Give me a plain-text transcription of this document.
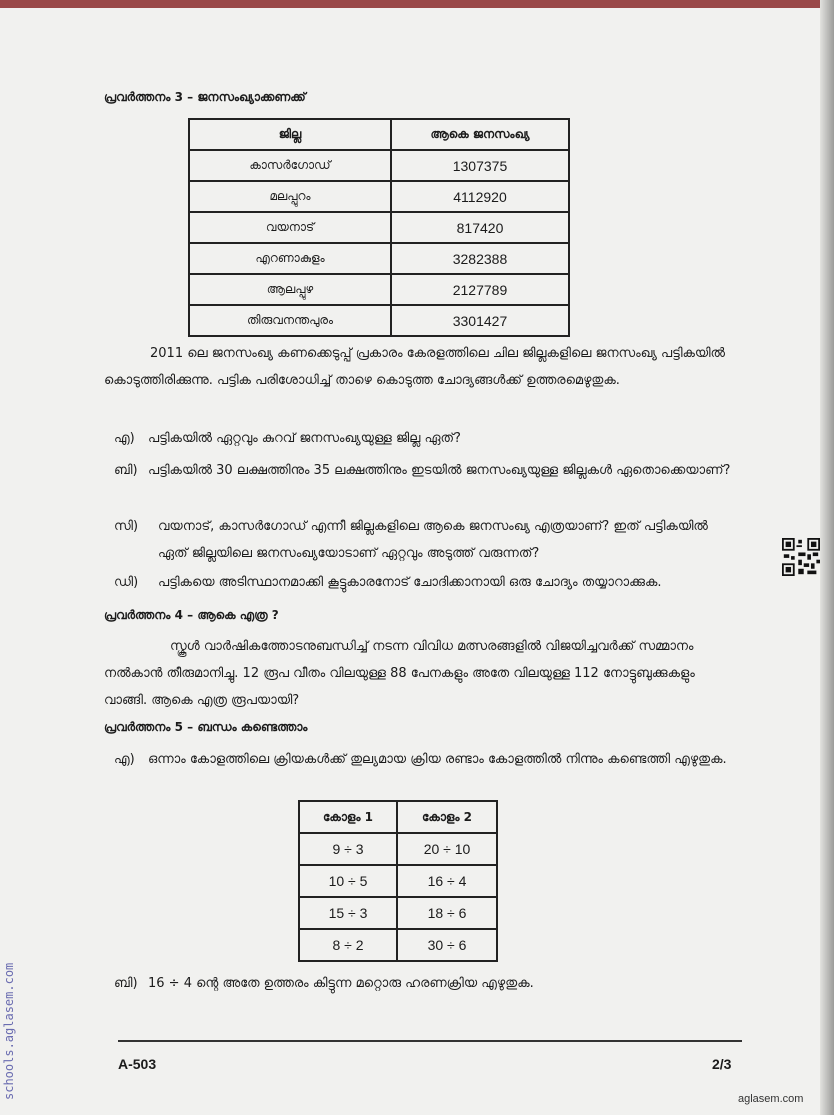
പ്രവർത്തനം 3 – ജനസംഖ്യാക്കണക്ക്
ജില്ല	ആകെ ജനസംഖ്യ
കാസർഗോഡ്	1307375
മലപ്പുറം	4112920
വയനാട്	817420
എറണാകുളം	3282388
ആലപ്പുഴ	2127789
തിരുവനന്തപുരം	3301427
2011 ലെ ജനസംഖ്യ കണക്കെടുപ്പ് പ്രകാരം കേരളത്തിലെ ചില ജില്ലകളിലെ ജനസംഖ്യ പട്ടികയിൽ കൊടുത്തിരിക്കുന്നു. പട്ടിക പരിശോധിച്ച് താഴെ കൊടുത്ത ചോദ്യങ്ങൾക്ക് ഉത്തരമെഴുതുക.
എ) പട്ടികയിൽ ഏറ്റവും കുറവ് ജനസംഖ്യയുള്ള ജില്ല ഏത്?
ബി) പട്ടികയിൽ 30 ലക്ഷത്തിനും 35 ലക്ഷത്തിനും ഇടയിൽ ജനസംഖ്യയുള്ള ജില്ലകൾ ഏതൊക്കെയാണ്?
സി) വയനാട്, കാസർഗോഡ് എന്നീ ജില്ലകളിലെ ആകെ ജനസംഖ്യ എത്രയാണ്? ഇത് പട്ടികയിൽ ഏത് ജില്ലയിലെ ജനസംഖ്യയോടാണ് ഏറ്റവും അടുത്ത് വരുന്നത്?
ഡി) പട്ടികയെ അടിസ്ഥാനമാക്കി കൂട്ടുകാരനോട് ചോദിക്കാനായി ഒരു ചോദ്യം തയ്യാറാക്കുക.
പ്രവർത്തനം 4 – ആകെ എത്ര ?
സ്കൂൾ വാർഷികത്തോടനുബന്ധിച്ച് നടന്ന വിവിധ മത്സരങ്ങളിൽ വിജയിച്ചവർക്ക് സമ്മാനം നൽകാൻ തീരുമാനിച്ചു. 12 രൂപ വീതം വിലയുള്ള 88 പേനകളും അതേ വിലയുള്ള 112 നോട്ടുബുക്കുകളും വാങ്ങി. ആകെ എത്ര രൂപയായി?
പ്രവർത്തനം 5 – ബന്ധം കണ്ടെത്താം
എ) ഒന്നാം കോളത്തിലെ ക്രിയകൾക്ക് തുല്യമായ ക്രിയ രണ്ടാം കോളത്തിൽ നിന്നും കണ്ടെത്തി എഴുതുക.
കോളം 1	കോളം 2
9 ÷ 3	20 ÷ 10
10 ÷ 5	16 ÷ 4
15 ÷ 3	18 ÷ 6
8 ÷ 2	30 ÷ 6
ബി) 16 ÷ 4 ന്റെ അതേ ഉത്തരം കിട്ടുന്ന മറ്റൊരു ഹരണക്രിയ എഴുതുക.
A-503	2/3
aglasem.com
schools.aglasem.com
